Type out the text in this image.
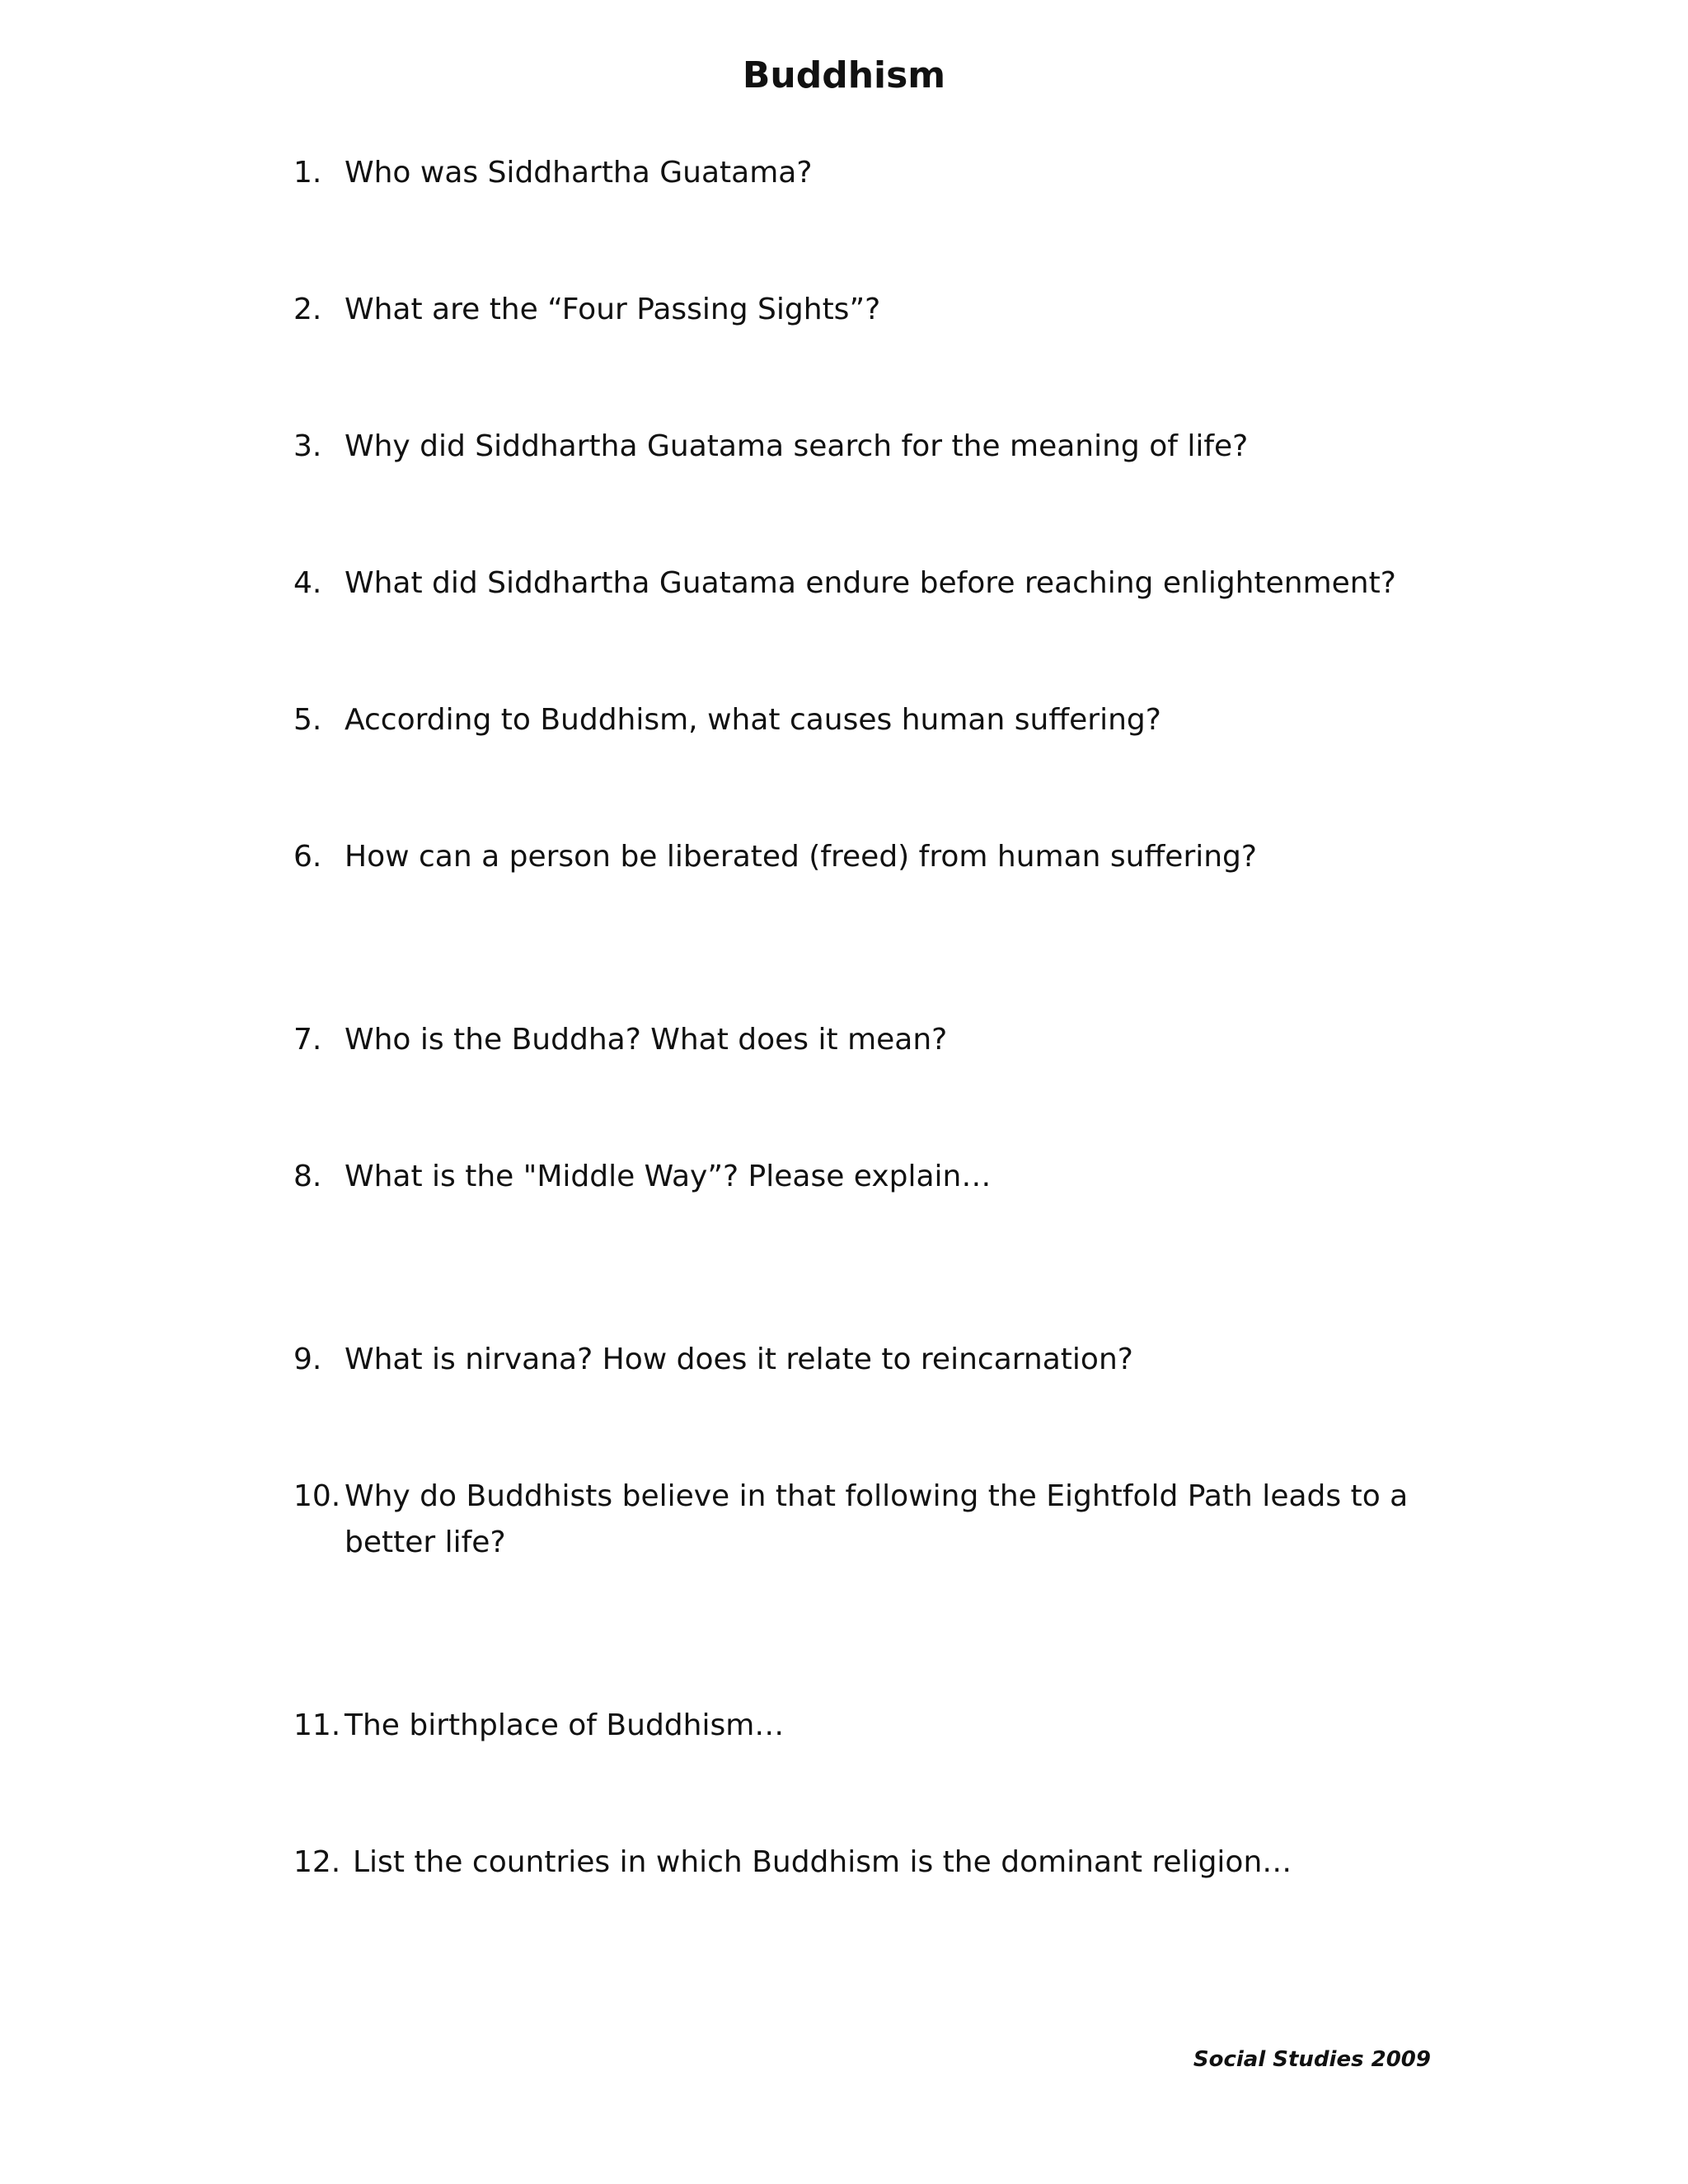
Buddhism
1. Who was Siddhartha Guatama?
2. What are the “Four Passing Sights”?
3. Why did Siddhartha Guatama search for the meaning of life?
4. What did Siddhartha Guatama endure before reaching enlightenment?
5. According to Buddhism, what causes human suffering?
6. How can a person be liberated (freed) from human suffering?
7. Who is the Buddha? What does it mean?
8. What is the "Middle Way”? Please explain…
9. What is nirvana? How does it relate to reincarnation?
10. Why do Buddhists believe in that following the Eightfold Path leads to a better life?
11. The birthplace of Buddhism…
12. List the countries in which Buddhism is the dominant religion…
Social Studies 2009
